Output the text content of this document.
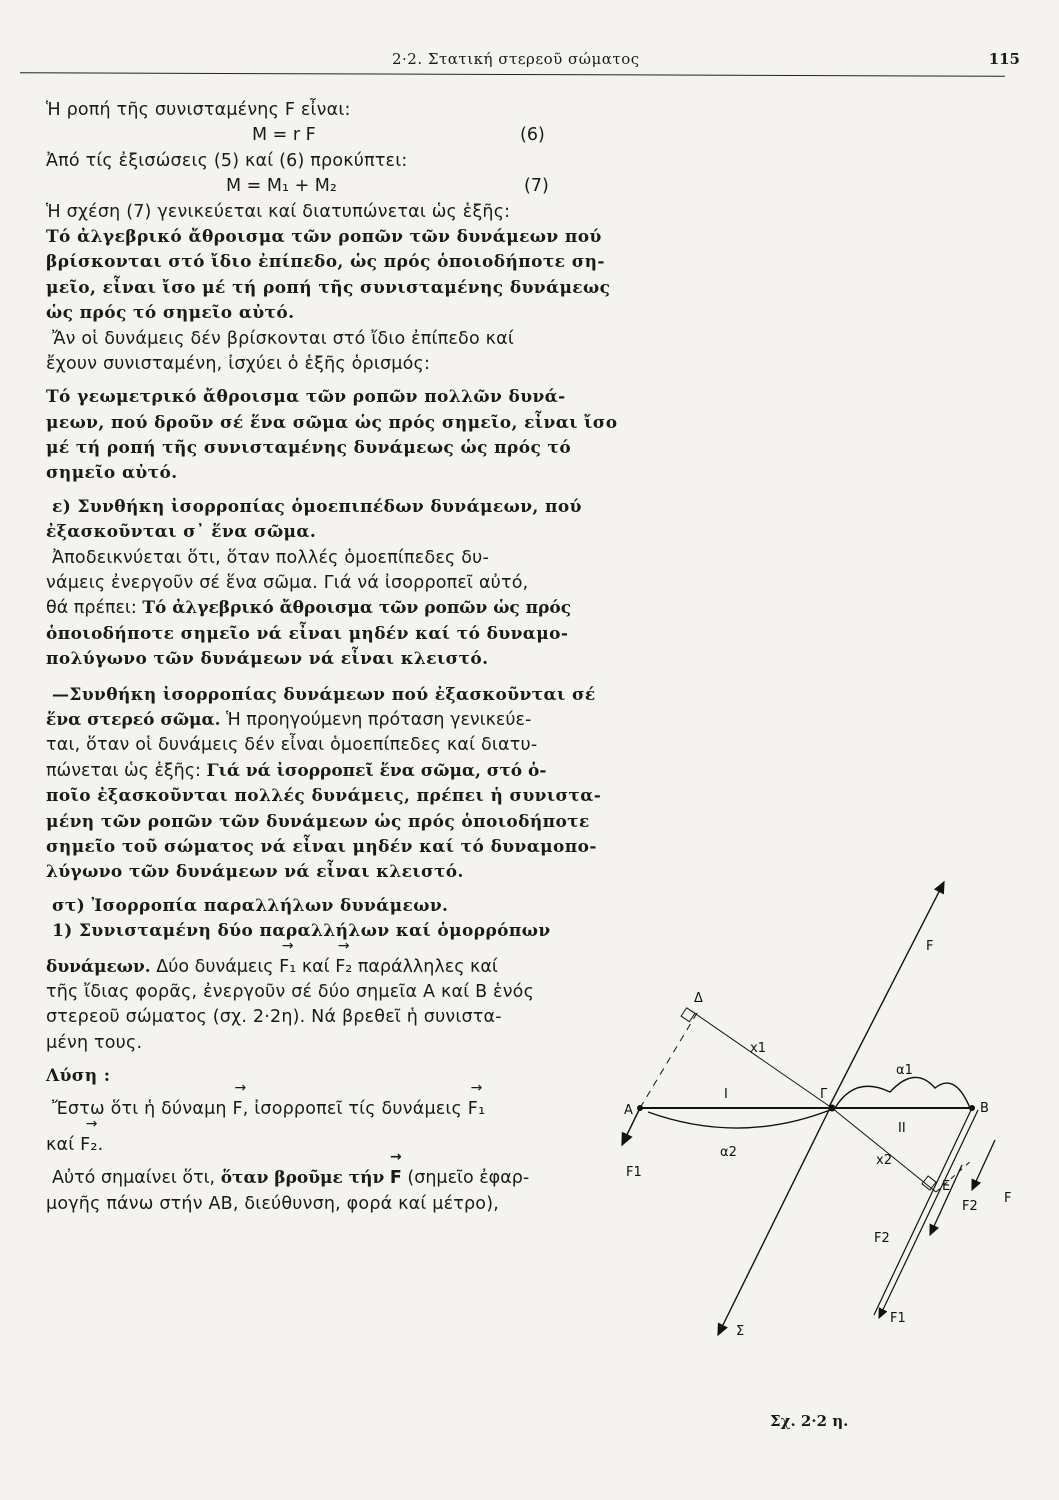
2·2. Στατική στερεοῦ σώματος	115
Ἡ ροπή τῆς συνισταμένης F εἶναι:
M = r F	(6)
Ἀπό τίς ἐξισώσεις (5) καί (6) προκύπτει:
M = M₁ + M₂	(7)
Ἡ σχέση (7) γενικεύεται καί διατυπώνεται ὡς ἑξῆς:
Τό ἀλγεβρικό ἄθροισμα τῶν ροπῶν τῶν δυνάμεων πού
βρίσκονται στό ἴδιο ἐπίπεδο, ὡς πρός ὁποιοδήποτε ση-
μεῖο, εἶναι ἴσο μέ τή ροπή τῆς συνισταμένης δυνάμεως
ὡς πρός τό σημεῖο αὐτό.
Ἄν οἱ δυνάμεις δέν βρίσκονται στό ἴδιο ἐπίπεδο καί
ἔχουν συνισταμένη, ἰσχύει ὁ ἑξῆς ὁρισμός:
Τό γεωμετρικό ἄθροισμα τῶν ροπῶν πολλῶν δυνά-
μεων, πού δροῦν σέ ἕνα σῶμα ὡς πρός σημεῖο, εἶναι ἴσο
μέ τή ροπή τῆς συνισταμένης δυνάμεως ὡς πρός τό
σημεῖο αὐτό.
ε) Συνθήκη ἰσορροπίας ὁμοεπιπέδων δυνάμεων, πού
ἐξασκοῦνται σ᾿ ἕνα σῶμα.
Ἀποδεικνύεται ὅτι, ὅταν πολλές ὁμοεπίπεδες δυ-
νάμεις ἐνεργοῦν σέ ἕνα σῶμα. Γιά νά ἰσορροπεῖ αὐτό,
θά πρέπει: Τό ἀλγεβρικό ἄθροισμα τῶν ροπῶν ὡς πρός
ὁποιοδήποτε σημεῖο νά εἶναι μηδέν καί τό δυναμο-
πολύγωνο τῶν δυνάμεων νά εἶναι κλειστό.
—Συνθήκη ἰσορροπίας δυνάμεων πού ἐξασκοῦνται σέ
ἕνα στερεό σῶμα. Ἡ προηγούμενη πρόταση γενικεύε-
ται, ὅταν οἱ δυνάμεις δέν εἶναι ὁμοεπίπεδες καί διατυ-
πώνεται ὡς ἑξῆς: Γιά νά ἰσορροπεῖ ἕνα σῶμα, στό ὁ-
ποῖο ἐξασκοῦνται πολλές δυνάμεις, πρέπει ἡ συνιστα-
μένη τῶν ροπῶν τῶν δυνάμεων ὡς πρός ὁποιοδήποτε
σημεῖο τοῦ σώματος νά εἶναι μηδέν καί τό δυναμοπο-
λύγωνο τῶν δυνάμεων νά εἶναι κλειστό.
στ) Ἰσορροπία παραλλήλων δυνάμεων.
1) Συνισταμένη δύο παραλλήλων καί ὁμορρόπων
δυνάμεων. Δύο δυνάμεις → F₁ καί → F₂ παράλληλες καί
τῆς ἴδιας φορᾶς, ἐνεργοῦν σέ δύο σημεῖα Α καί Β ἑνός
στερεοῦ σώματος (σχ. 2·2η). Νά βρεθεῖ ἡ συνιστα-
μένη τους.
Λύση :
Ἔστω ὅτι ἡ δύναμη → F, ἰσορροπεῖ τίς δυνάμεις → F₁
καί → F₂.
Αὐτό σημαίνει ὅτι, ὅταν βροῦμε τήν → F (σημεῖο ἐφαρ-
μογῆς πάνω στήν ΑΒ, διεύθυνση, φορά καί μέτρο),
A	B
Γ
Δ
Ε
Σ
I
II
α1
α2
x1
x2
F
F1
F2
F2
F
F1
Σχ. 2·2 η.
